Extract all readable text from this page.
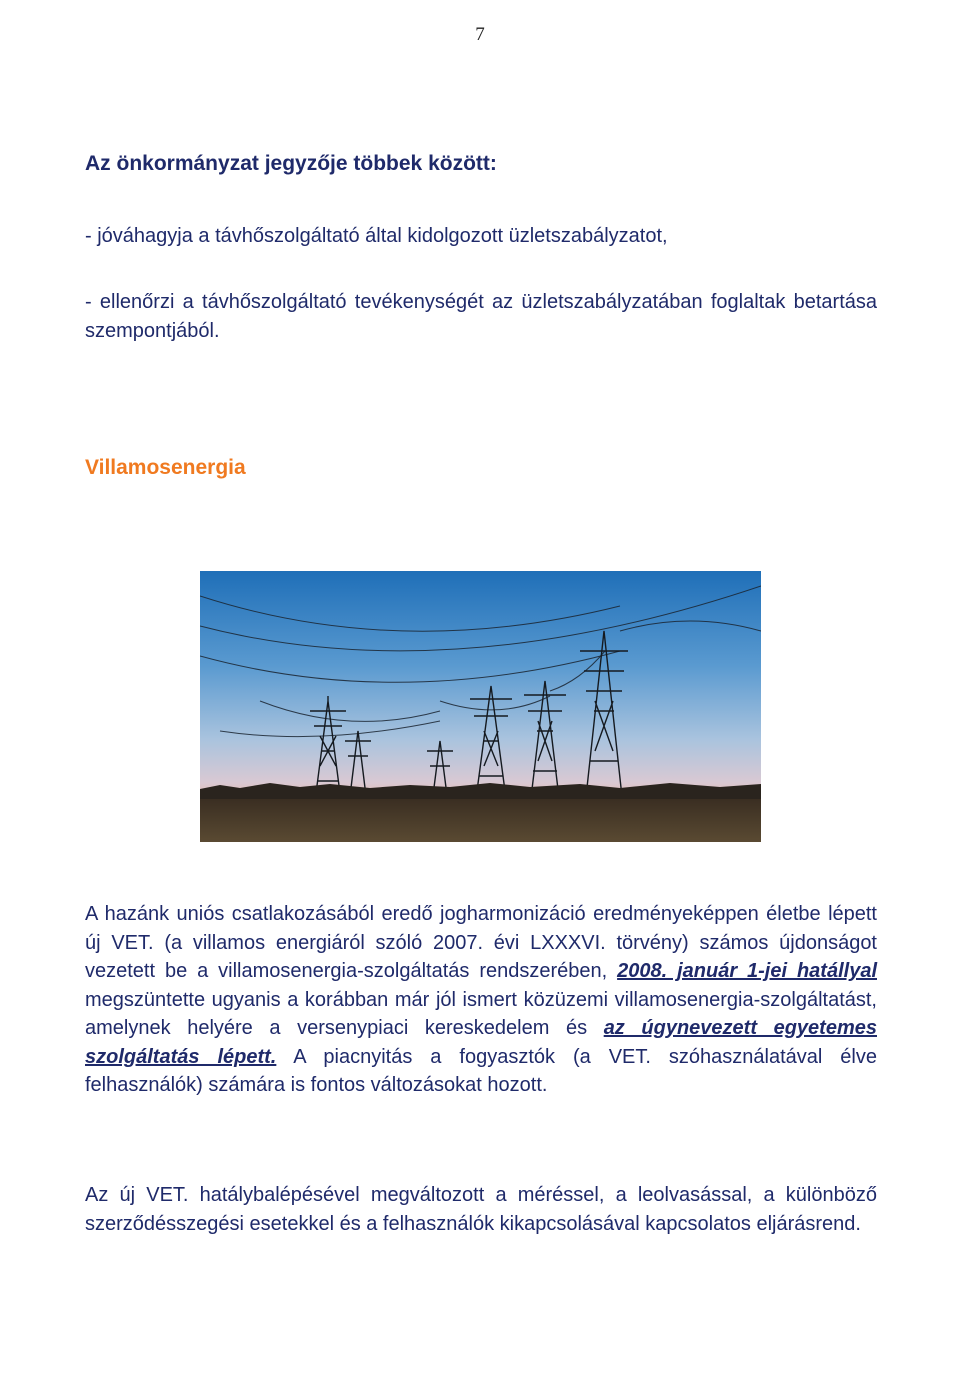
7
Az önkormányzat jegyzője többek között:

- jóváhagyja a távhőszolgáltató által kidolgozott üzletszabályzatot,

- ellenőrzi a távhőszolgáltató tevékenységét az üzletszabályzatában foglaltak betartása szempontjából.

Villamosenergia

A hazánk uniós csatlakozásából eredő jogharmonizáció eredményeképpen életbe lépett új VET. (a villamos energiáról szóló 2007. évi LXXXVI. törvény) számos újdonságot vezetett be a villamosenergia-szolgáltatás rendszerében, 2008. január 1-jei hatállyal megszüntette ugyanis a korábban már jól ismert közüzemi villamosenergia-szolgáltatást, amelynek helyére a versenypiaci kereskedelem és az úgynevezett egyetemes szolgáltatás lépett. A piacnyitás a fogyasztók (a VET. szóhasználatával élve felhasználók) számára is fontos változásokat hozott.

Az új VET. hatálybalépésével megváltozott a méréssel, a leolvasással, a különböző szerződésszegési esetekkel és a felhasználók kikapcsolásával kapcsolatos eljárásrend.
